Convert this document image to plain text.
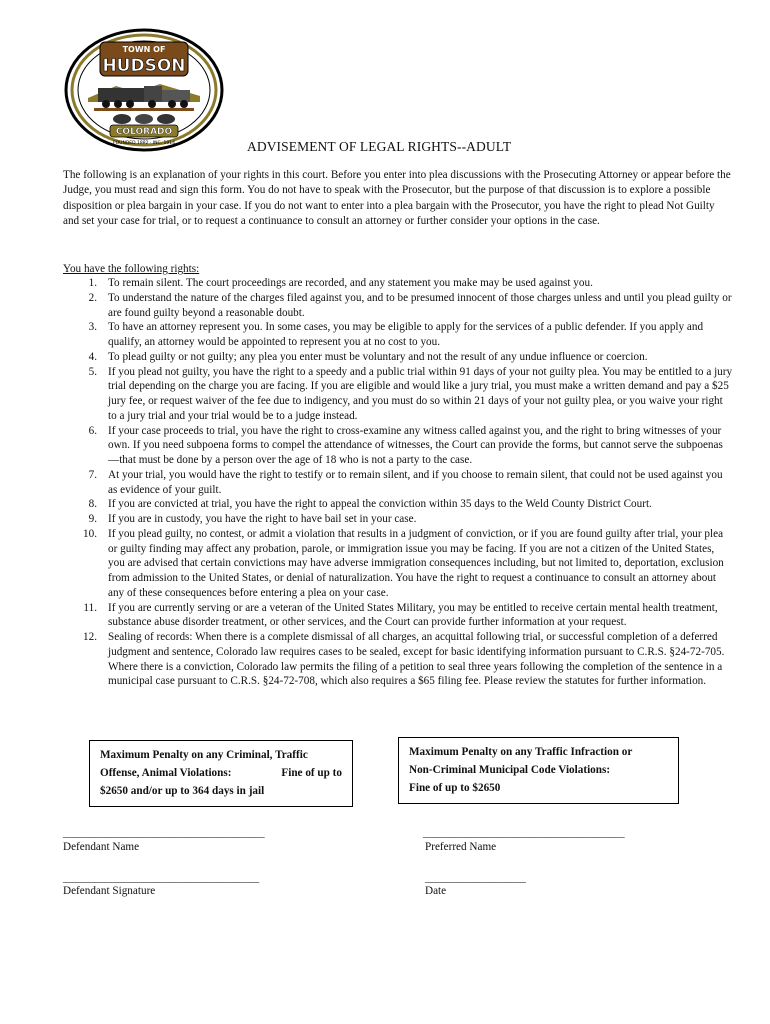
TOWN OF
HUDSON
COLORADO
FOUNDED 1882 · INC. 1914	ADVISEMENT OF LEGAL RIGHTS--ADULT
The following is an explanation of your rights in this court. Before you enter into plea discussions with the Prosecuting Attorney or appear before the Judge, you must read and sign this form. You do not have to speak with the Prosecutor, but the purpose of that discussion is to explore a possible disposition or plea bargain in your case. If you do not want to enter into a plea bargain with the Prosecutor, you have the right to plead Not Guilty and set your case for trial, or to request a continuance to consult an attorney or further consider your options in the case.
You have the following rights:
1. To remain silent. The court proceedings are recorded, and any statement you make may be used against you.
2. To understand the nature of the charges filed against you, and to be presumed innocent of those charges unless and until you plead guilty or are found guilty beyond a reasonable doubt.
3. To have an attorney represent you. In some cases, you may be eligible to apply for the services of a public defender. If you apply and qualify, an attorney would be appointed to represent you at no cost to you.
4. To plead guilty or not guilty; any plea you enter must be voluntary and not the result of any undue influence or coercion.
5. If you plead not guilty, you have the right to a speedy and a public trial within 91 days of your not guilty plea. You may be entitled to a jury trial depending on the charge you are facing. If you are eligible and would like a jury trial, you must make a written demand and pay a $25 jury fee, or request waiver of the fee due to indigency, and you must do so within 21 days of your not guilty plea, or you waive your right to a jury trial and your trial would be to a judge instead.
6. If your case proceeds to trial, you have the right to cross-examine any witness called against you, and the right to bring witnesses of your own. If you need subpoena forms to compel the attendance of witnesses, the Court can provide the forms, but cannot serve the subpoenas—that must be done by a person over the age of 18 who is not a party to the case.
7. At your trial, you would have the right to testify or to remain silent, and if you choose to remain silent, that could not be used against you as evidence of your guilt.
8. If you are convicted at trial, you have the right to appeal the conviction within 35 days to the Weld County District Court.
9. If you are in custody, you have the right to have bail set in your case.
10. If you plead guilty, no contest, or admit a violation that results in a judgment of conviction, or if you are found guilty after trial, your plea or guilty finding may affect any probation, parole, or immigration issue you may be facing. If you are not a citizen of the United States, you are advised that certain convictions may have adverse immigration consequences including, but not limited to, deportation, exclusion from admission to the United States, or denial of naturalization. You have the right to request a continuance to consult an attorney about any of these consequences before entering a plea on your case.
11. If you are currently serving or are a veteran of the United States Military, you may be entitled to receive certain mental health treatment, substance abuse disorder treatment, or other services, and the Court can provide further information at your request.
12. Sealing of records: When there is a complete dismissal of all charges, an acquittal following trial, or successful completion of a deferred judgment and sentence, Colorado law requires cases to be sealed, except for basic identifying information pursuant to C.R.S. §24-72-705. Where there is a conviction, Colorado law permits the filing of a petition to seal three years following the completion of the sentence in a municipal case pursuant to C.R.S. §24-72-708, which also requires a $65 filing fee. Please review the statutes for further information.
Maximum Penalty on any Criminal, Traffic
Offense, Animal Violations:	Fine of up to
$2650 and/or up to 364 days in jail
Maximum Penalty on any Traffic Infraction or
Non-Criminal Municipal Code Violations:
Fine of up to $2650
______________________________________
Defendant Name
______________________________________
Preferred Name
_____________________________________
Defendant Signature
___________________
Date
